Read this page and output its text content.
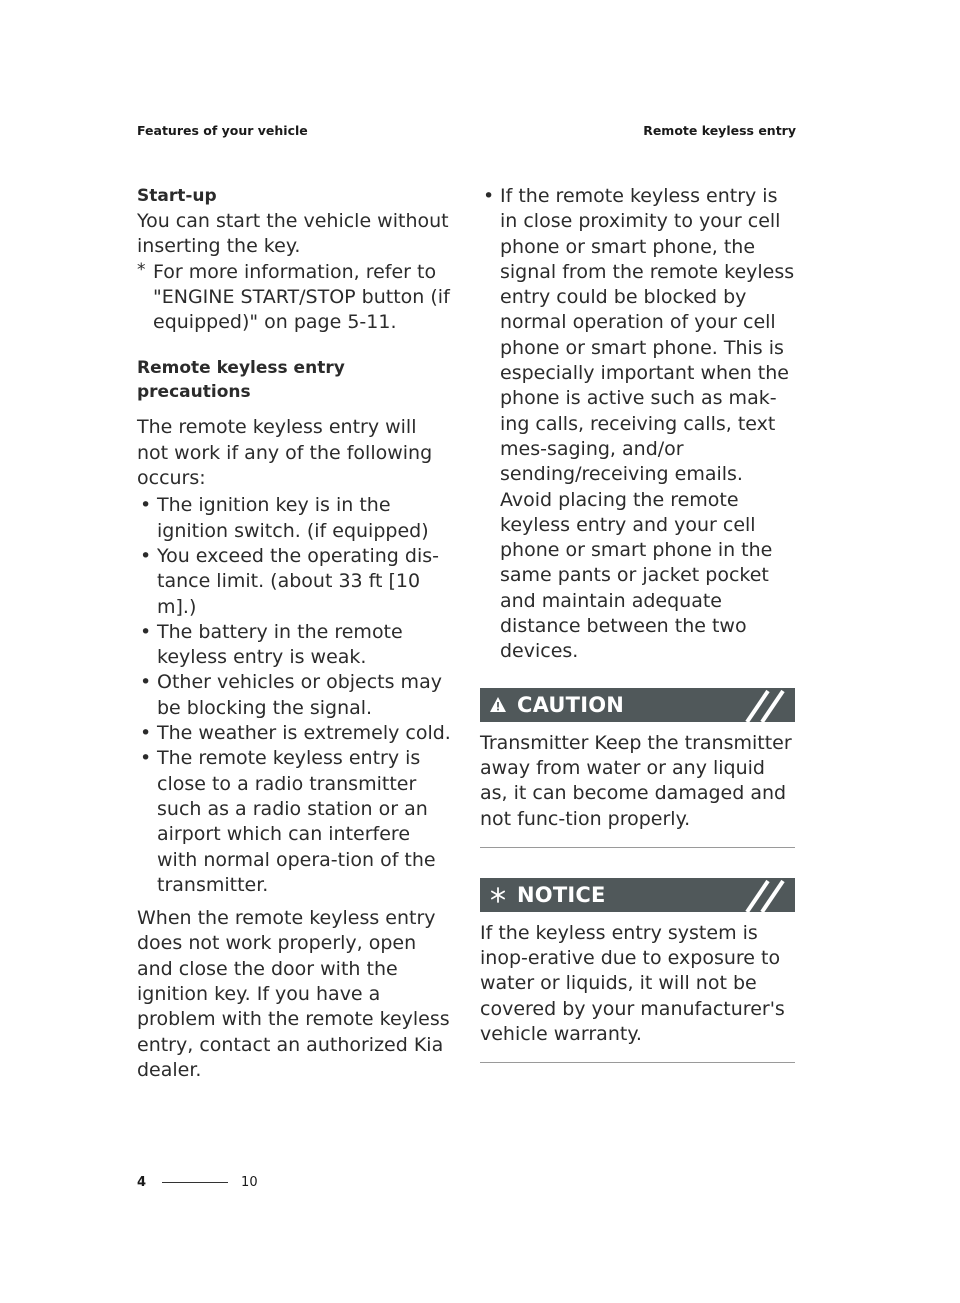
Features of your vehicle	Remote keyless entry
Start-up

You can start the vehicle without inserting the key.

* For more information, refer to "ENGINE START/STOP button (if equipped)" on page 5-11.
Remote keyless entry precautions

The remote keyless entry will not work if any of the following occurs:

• The ignition key is in the ignition switch. (if equipped)
• You exceed the operating dis-tance limit. (about 33 ft [10 m].)
• The battery in the remote keyless entry is weak.
• Other vehicles or objects may be blocking the signal.
• The weather is extremely cold.
• The remote keyless entry is close to a radio transmitter such as a radio station or an airport which can interfere with normal opera-tion of the transmitter.

When the remote keyless entry does not work properly, open and close the door with the ignition key. If you have a problem with the remote keyless entry, contact an authorized Kia dealer.

• If the remote keyless entry is in close proximity to your cell phone or smart phone, the signal from the remote keyless entry could be blocked by normal operation of your cell phone or smart phone. This is especially important when the phone is active such as mak-ing calls, receiving calls, text mes-saging, and/or sending/receiving emails. Avoid placing the remote keyless entry and your cell phone or smart phone in the same pants or jacket pocket and maintain adequate distance between the two devices.
CAUTION

Transmitter Keep the transmitter away from water or any liquid as, it can become damaged and not func-tion properly.

NOTICE

If the keyless entry system is inop-erative due to exposure to water or liquids, it will not be covered by your manufacturer's vehicle warranty.

4	10
